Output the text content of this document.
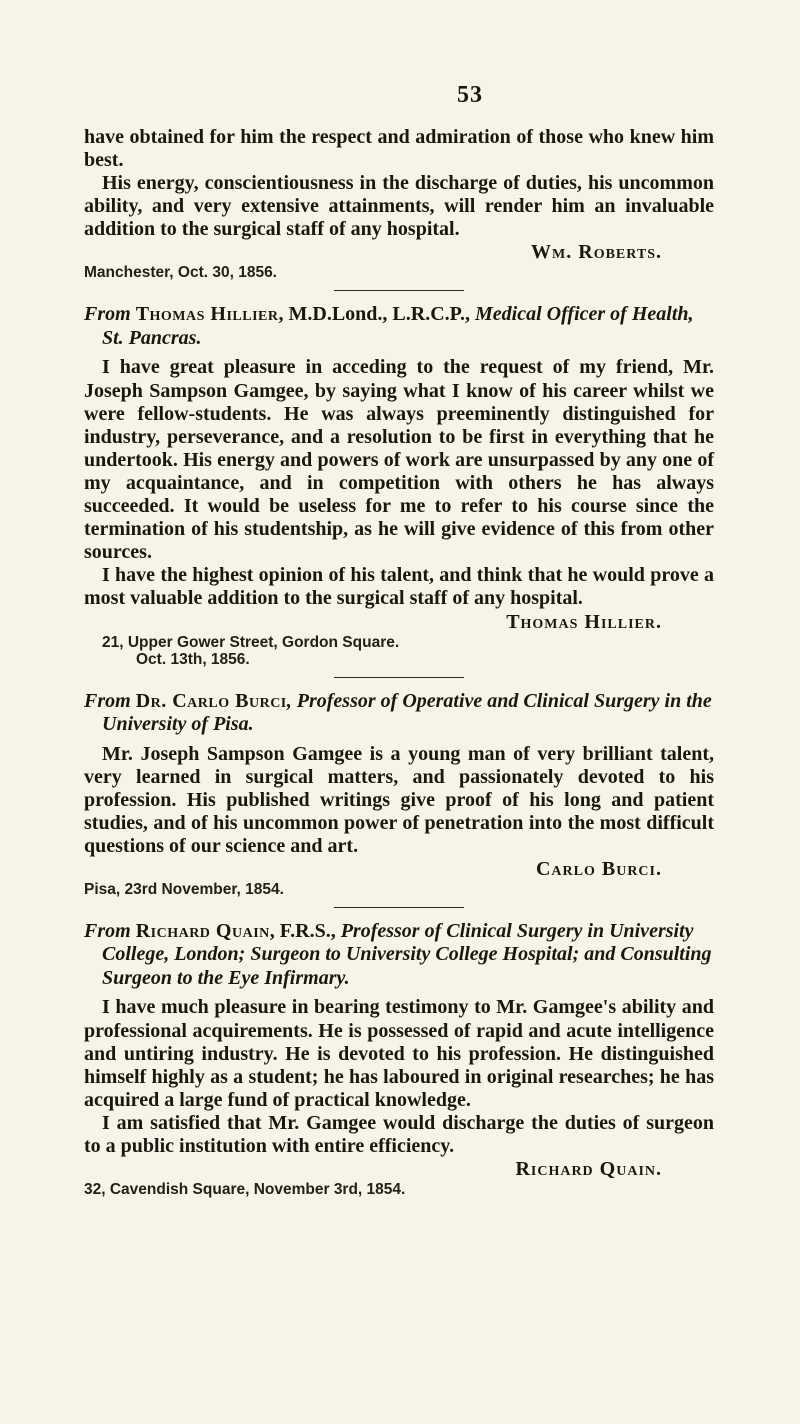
53

have obtained for him the respect and admiration of those who knew him best.

His energy, conscientiousness in the discharge of duties, his uncommon ability, and very extensive attainments, will render him an invaluable addition to the surgical staff of any hospital.

Wm. Roberts.
Manchester, Oct. 30, 1856.
From Thomas Hillier, M.D.Lond., L.R.C.P., Medical Officer of Health, St. Pancras.

I have great pleasure in acceding to the request of my friend, Mr. Joseph Sampson Gamgee, by saying what I know of his career whilst we were fellow-students. He was always preeminently distinguished for industry, perseverance, and a resolution to be first in everything that he undertook. His energy and powers of work are unsurpassed by any one of my acquaintance, and in competition with others he has always succeeded. It would be useless for me to refer to his course since the termination of his studentship, as he will give evidence of this from other sources.

I have the highest opinion of his talent, and think that he would prove a most valuable addition to the surgical staff of any hospital.

Thomas Hillier.
21, Upper Gower Street, Gordon Square.
Oct. 13th, 1856.
From Dr. Carlo Burci, Professor of Operative and Clinical Surgery in the University of Pisa.

Mr. Joseph Sampson Gamgee is a young man of very brilliant talent, very learned in surgical matters, and passionately devoted to his profession. His published writings give proof of his long and patient studies, and of his uncommon power of penetration into the most difficult questions of our science and art.

Carlo Burci.
Pisa, 23rd November, 1854.
From Richard Quain, F.R.S., Professor of Clinical Surgery in University College, London; Surgeon to University College Hospital; and Consulting Surgeon to the Eye Infirmary.

I have much pleasure in bearing testimony to Mr. Gamgee's ability and professional acquirements. He is possessed of rapid and acute intelligence and untiring industry. He is devoted to his profession. He distinguished himself highly as a student; he has laboured in original researches; he has acquired a large fund of practical knowledge.

I am satisfied that Mr. Gamgee would discharge the duties of surgeon to a public institution with entire efficiency.

Richard Quain.
32, Cavendish Square, November 3rd, 1854.
